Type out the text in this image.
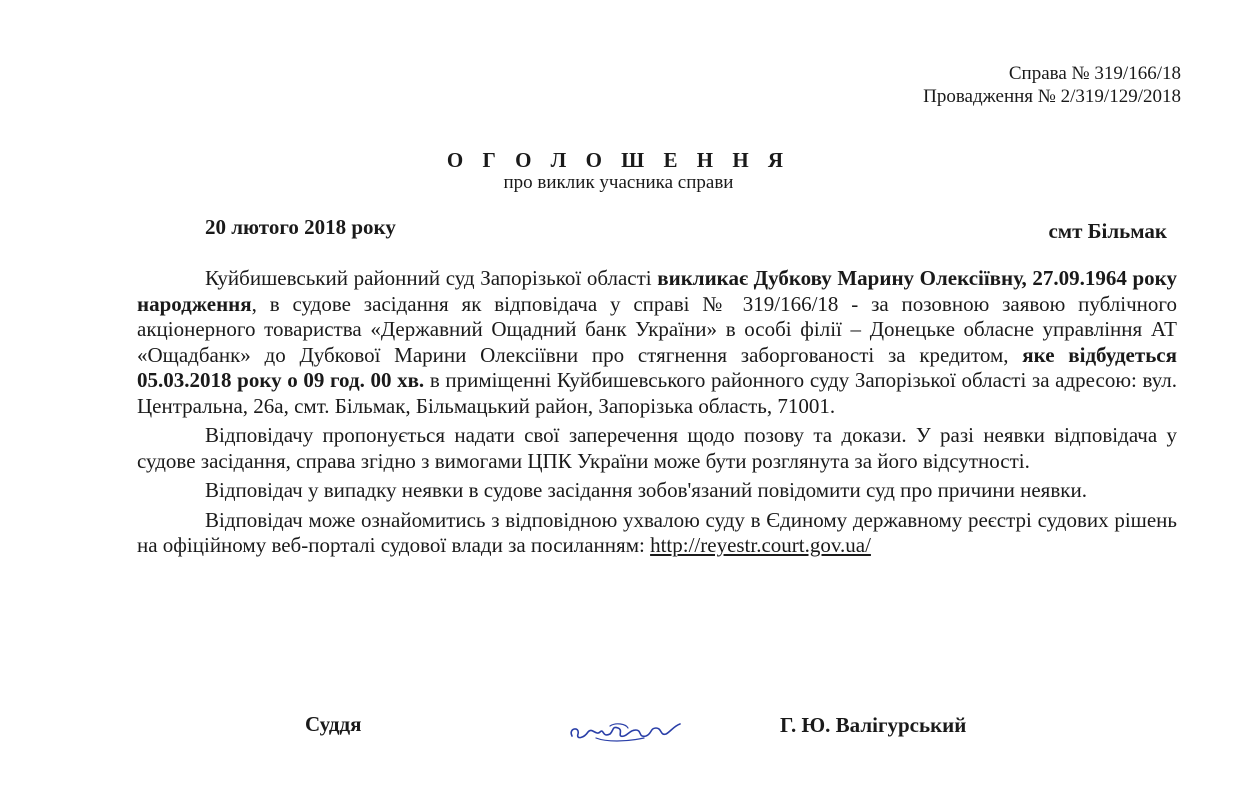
Справа № 319/166/18
Провадження № 2/319/129/2018
О Г О Л О Ш Е Н Н Я
про виклик учасника справи
20 лютого 2018 року	смт Більмак

Куйбишевський районний суд Запорізької області викликає Дубкову Марину Олексіївну, 27.09.1964 року народження, в судове засідання як відповідача у справі № 319/166/18 - за позовною заявою публічного акціонерного товариства «Державний Ощадний банк України» в особі філії – Донецьке обласне управління АТ «Ощадбанк» до Дубкової Марини Олексіївни про стягнення заборгованості за кредитом, яке відбудеться 05.03.2018 року о 09 год. 00 хв. в приміщенні Куйбишевського районного суду Запорізької області за адресою: вул. Центральна, 26а, смт. Більмак, Більмацький район, Запорізька область, 71001.

Відповідачу пропонується надати свої заперечення щодо позову та докази. У разі неявки відповідача у судове засідання, справа згідно з вимогами ЦПК України може бути розглянута за його відсутності.

Відповідач у випадку неявки в судове засідання зобов'язаний повідомити суд про причини неявки.

Відповідач може ознайомитись з відповідною ухвалою суду в Єдиному державному реєстрі судових рішень на офіційному веб-порталі судової влади за посиланням: http://reyestr.court.gov.ua/

Суддя	Г. Ю. Валігурський
